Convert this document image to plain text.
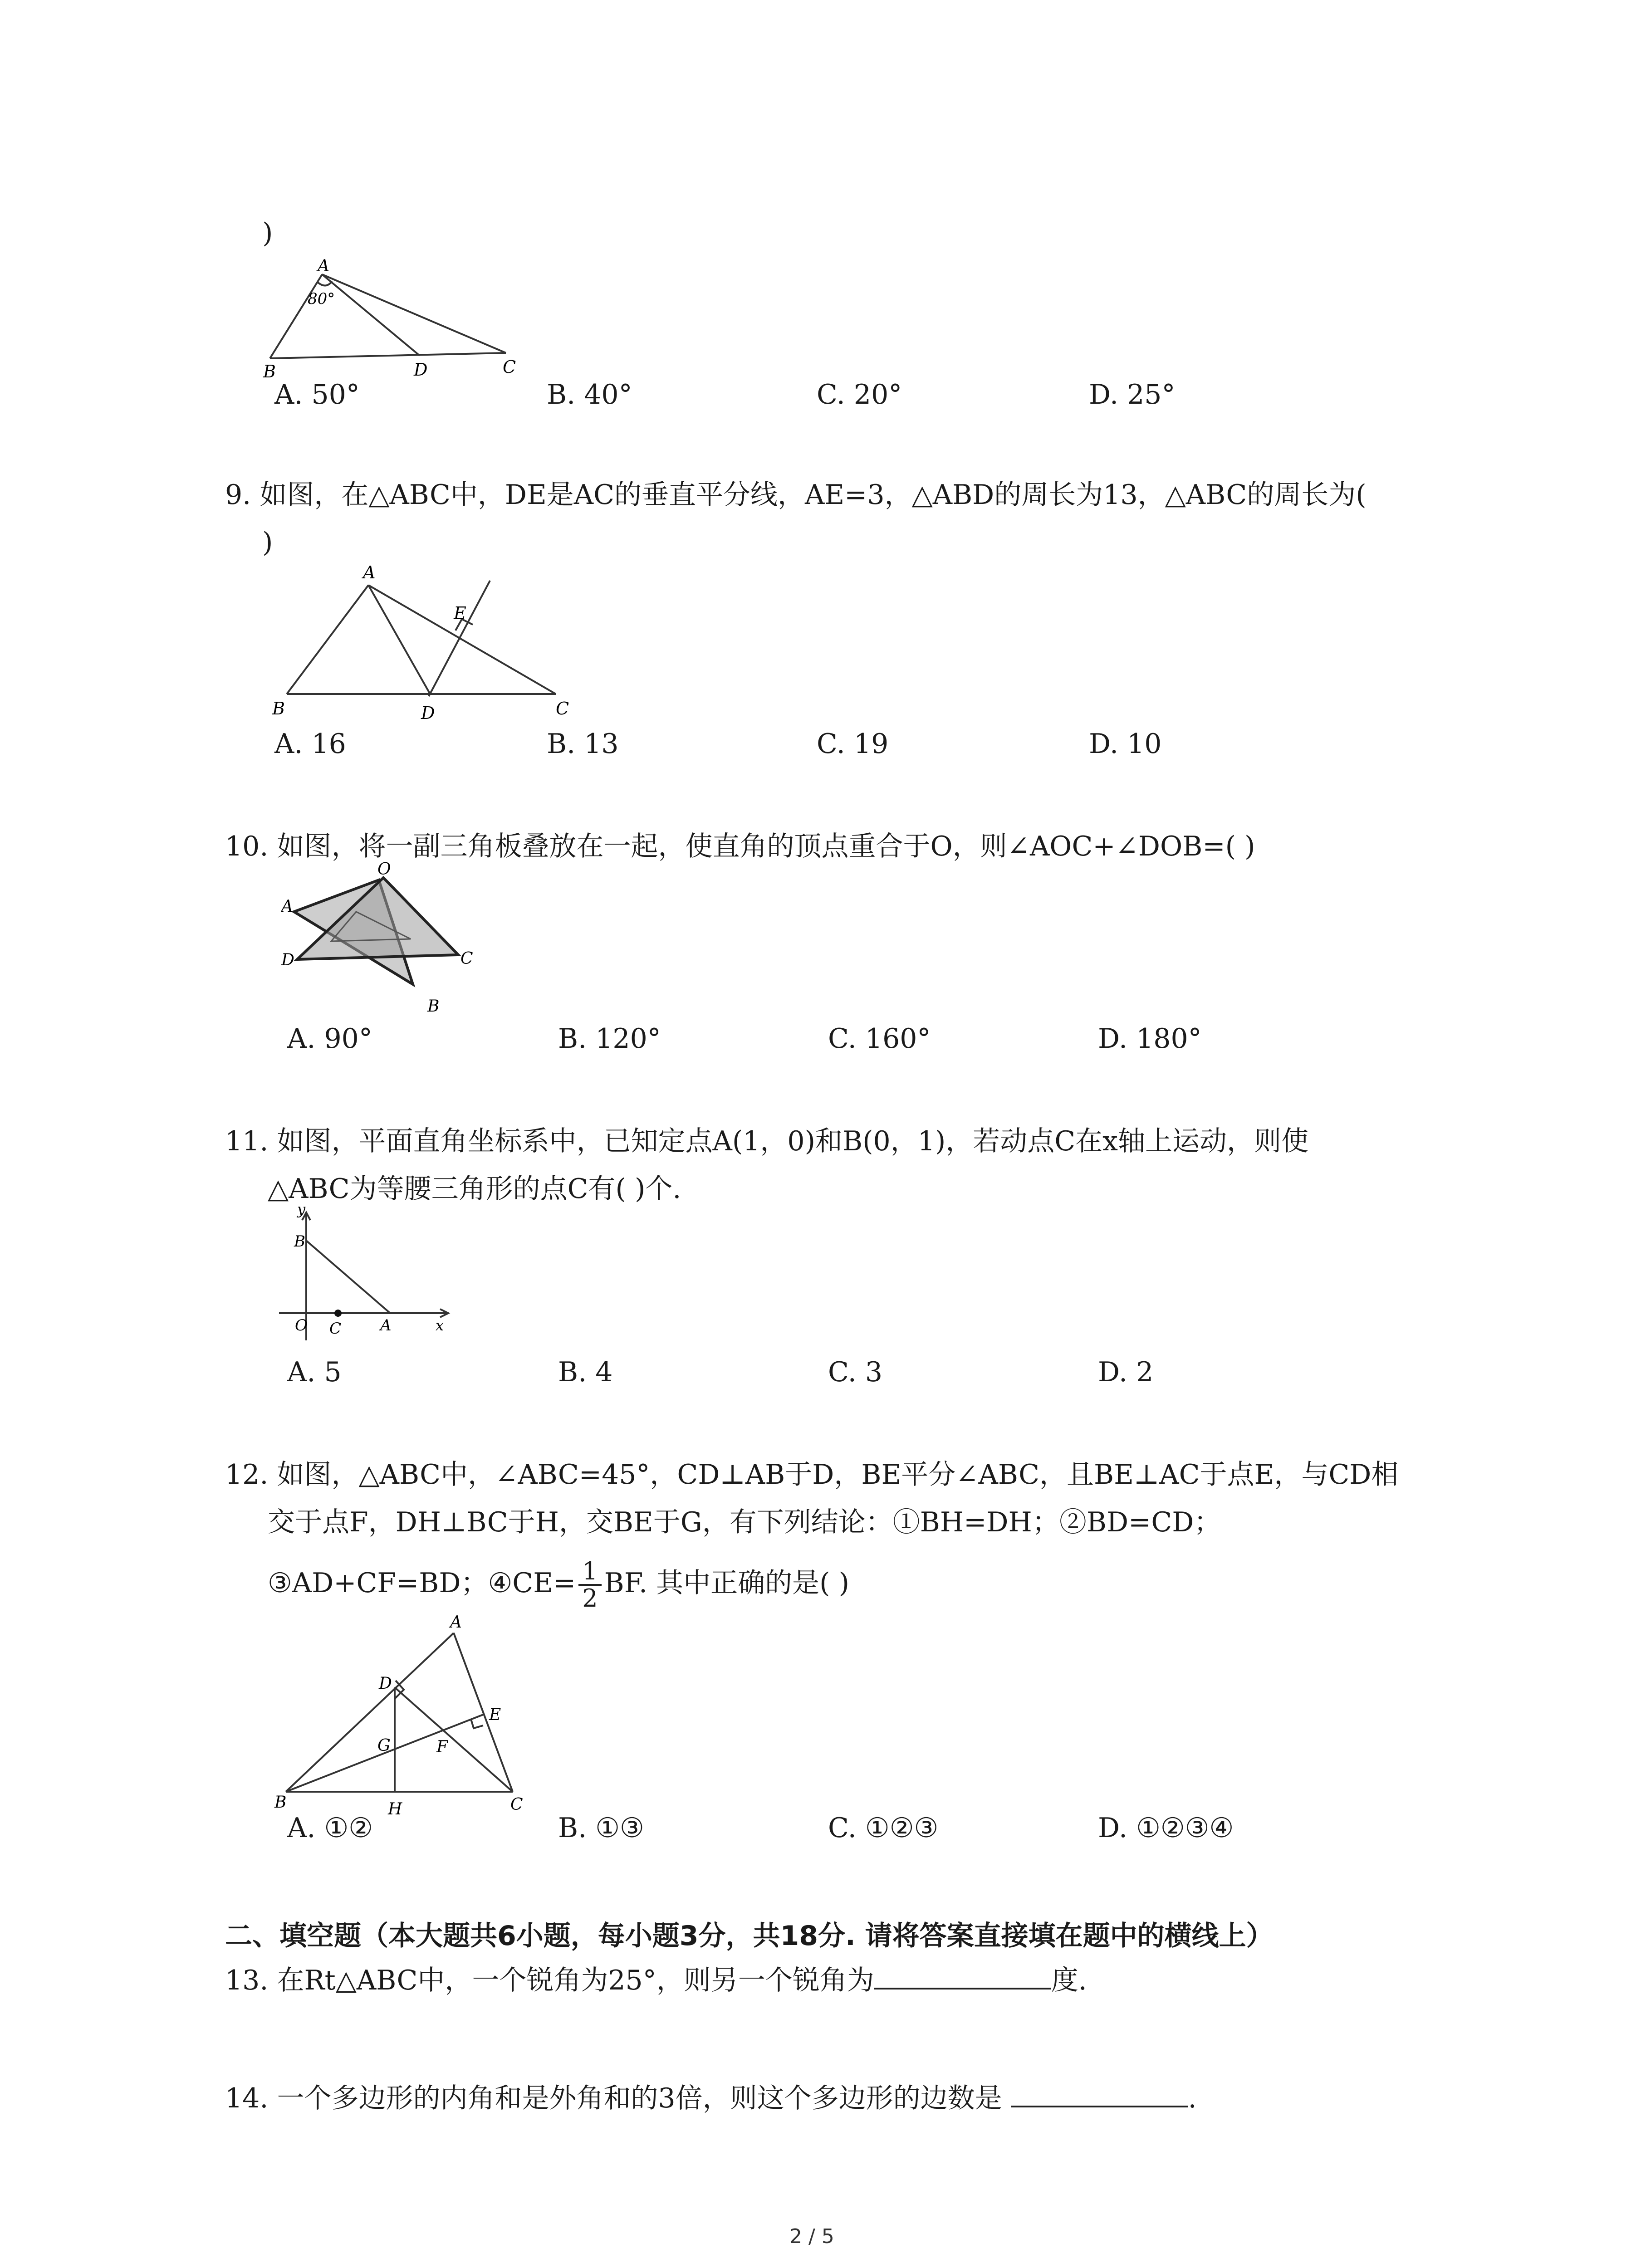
)
A
80°
B	D	C
A. 50°	B. 40°	C. 20°	D. 25°
9. 如图，在△ABC中，DE是AC的垂直平分线，AE=3，△ABD的周长为13，△ABC的周长为(
)
A
E
B	D	C
A. 16	B. 13	C. 19	D. 10
10. 如图，将一副三角板叠放在一起，使直角的顶点重合于O，则∠AOC+∠DOB=( )
O
A
D	C
B
A. 90°	B. 120°	C. 160°	D. 180°
11. 如图，平面直角坐标系中，已知定点A(1，0)和B(0，1)，若动点C在x轴上运动，则使
△ABC为等腰三角形的点C有( )个.
y
B
O C	A	x
A. 5	B. 4	C. 3	D. 2
12. 如图，△ABC中，∠ABC=45°，CD⊥AB于D，BE平分∠ABC，且BE⊥AC于点E，与CD相
交于点F，DH⊥BC于H，交BE于G，有下列结论：①BH=DH；②BD=CD；
③AD+CF=BD；④CE= $\frac{1}{2}$ BF. 其中正确的是( )
A
D
E
G	F
B	H	C
A. ①②	B. ①③	C. ①②③	D. ①②③④
二、填空题（本大题共6小题，每小题3分，共18分. 请将答案直接填在题中的横线上）
13. 在Rt△ABC中，一个锐角为25°，则另一个锐角为	度.
14. 一个多边形的内角和是外角和的3倍，则这个多边形的边数是	.
2 / 5
